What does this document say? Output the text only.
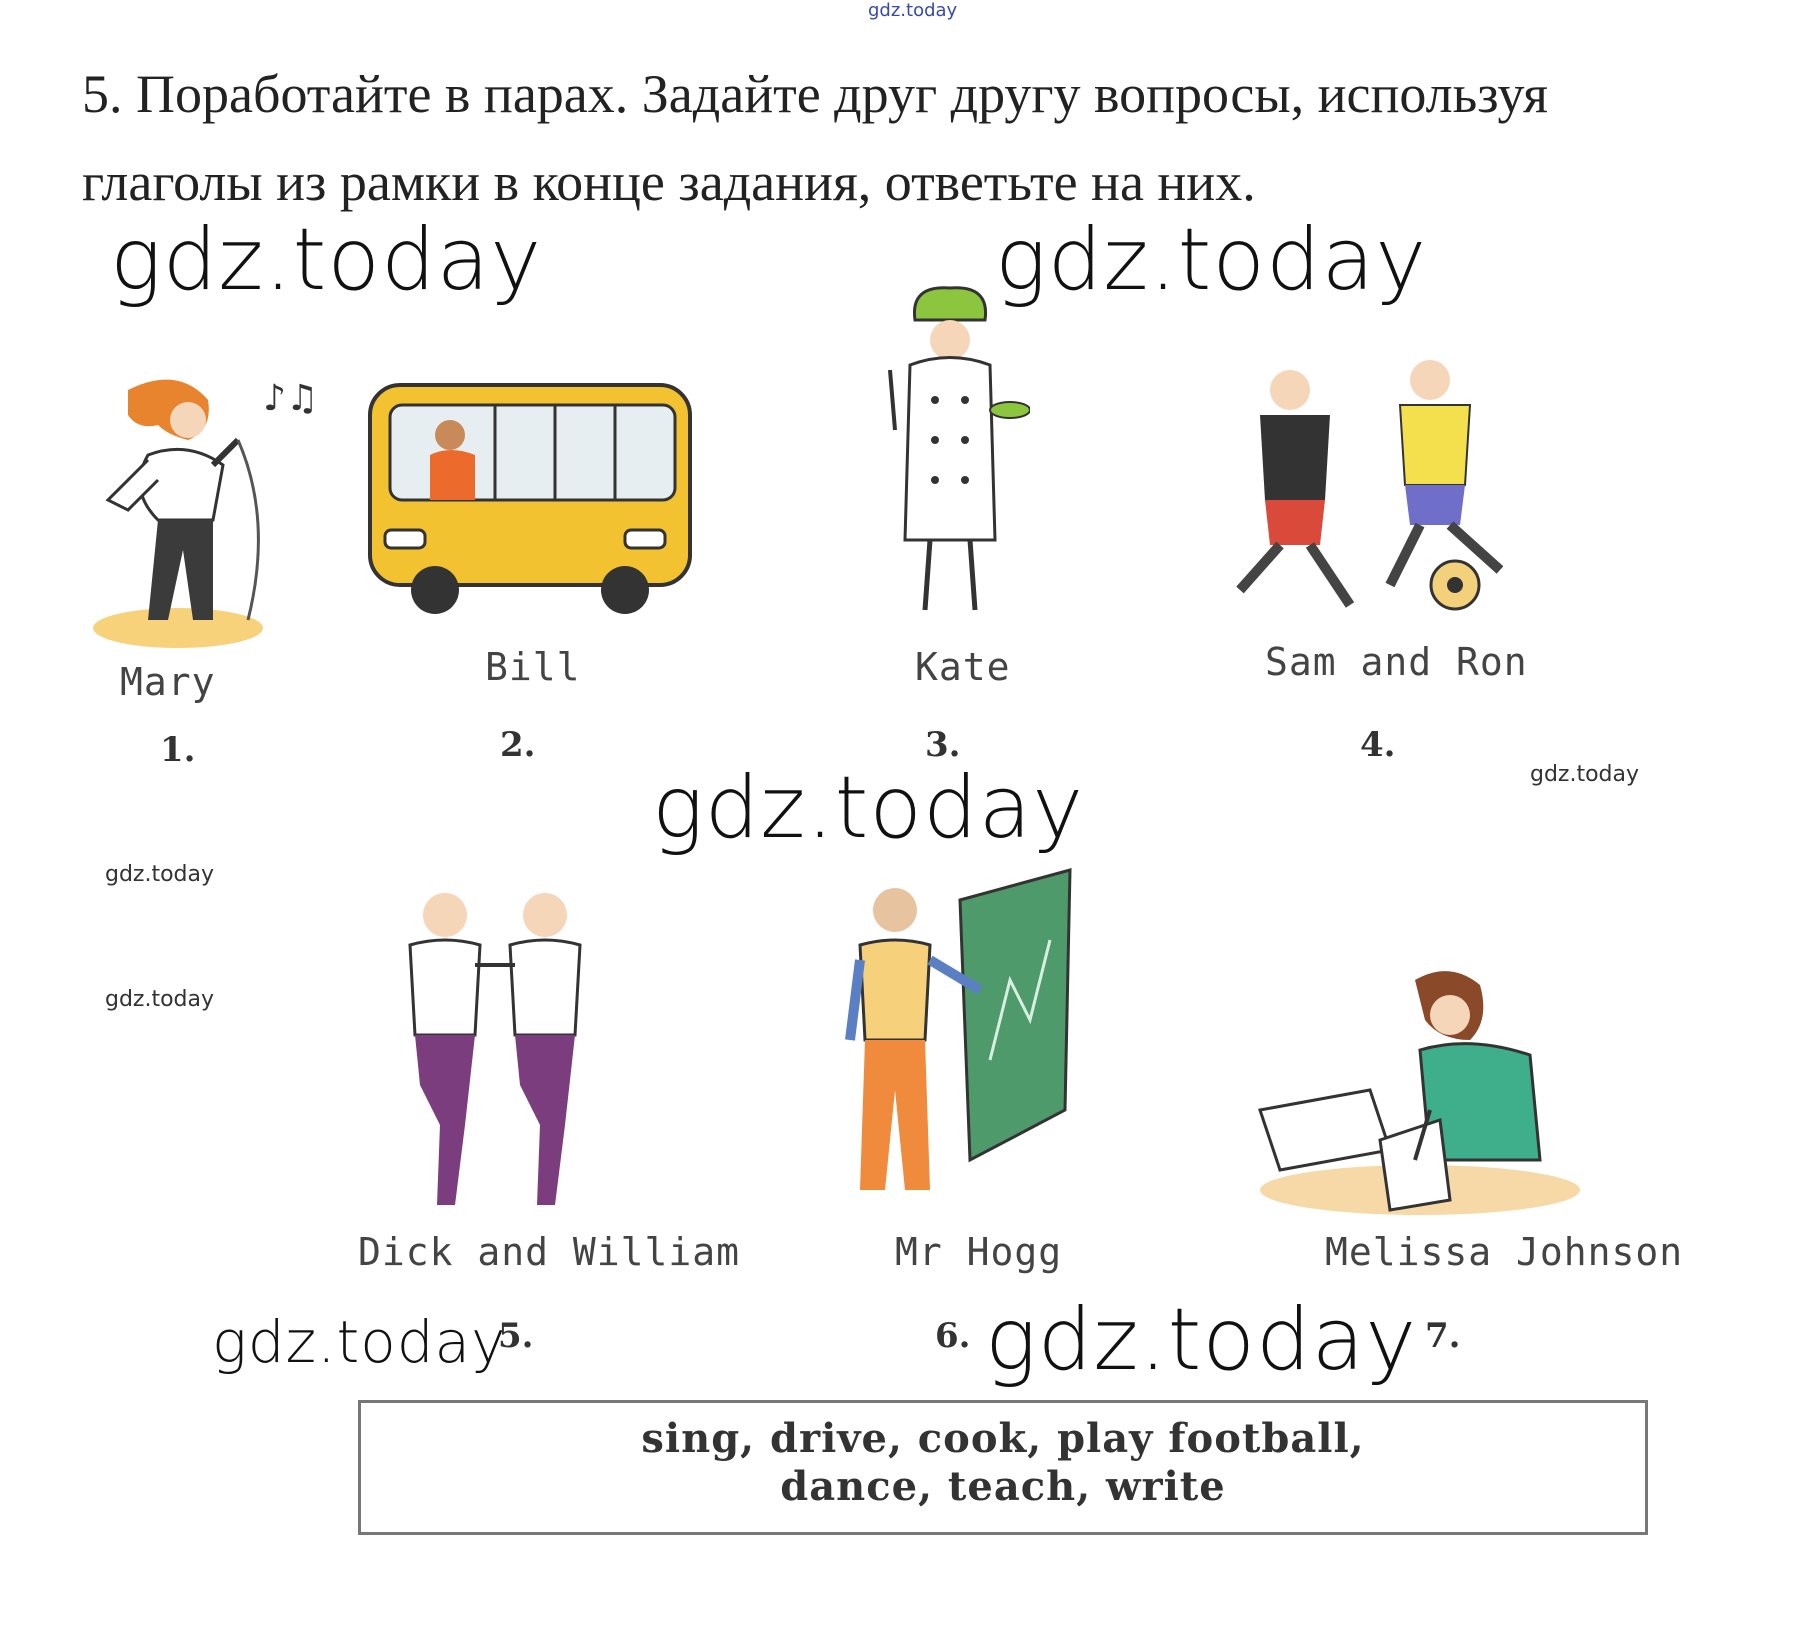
gdz.today
5. Поработайте в парах. Задайте друг другу вопросы, используя
глаголы из рамки в конце задания, ответьте на них.
gdz.today	gdz.today
♪♫
Mary
1.
Bill
2.
Kate
3.
Sam and Ron
4.
gdz.today	gdz.today
gdz.today
gdz.today
Dick and William
5.
Mr Hogg
6.
Melissa Johnson
7.
gdz.today	gdz.today
sing, drive, cook, play football,
dance, teach, write
